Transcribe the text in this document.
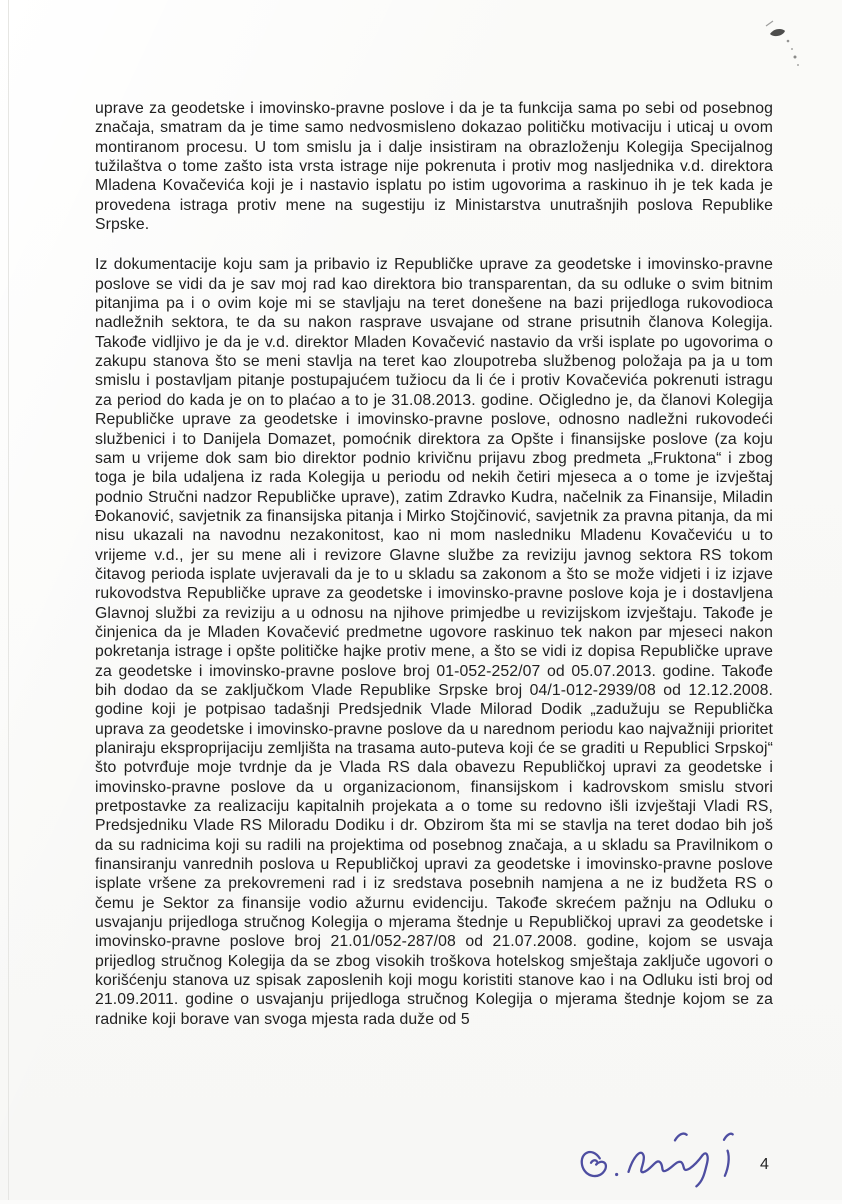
uprave za geodetske i imovinsko-pravne poslove i da je ta funkcija sama po sebi od posebnog značaja, smatram da je time samo nedvosmisleno dokazao političku motivaciju i uticaj u ovom montiranom procesu. U tom smislu ja i dalje insistiram na obrazloženju Kolegija Specijalnog tužilaštva o tome zašto ista vrsta istrage nije pokrenuta i protiv mog nasljednika v.d. direktora Mladena Kovačevića koji je i nastavio isplatu po istim ugovorima a raskinuo ih je tek kada je provedena istraga protiv mene na sugestiju iz Ministarstva unutrašnjih poslova Republike Srpske.

Iz dokumentacije koju sam ja pribavio iz Republičke uprave za geodetske i imovinsko-pravne poslove se vidi da je sav moj rad kao direktora bio transparentan, da su odluke o svim bitnim pitanjima pa i o ovim koje mi se stavljaju na teret donešene na bazi prijedloga rukovodioca nadležnih sektora, te da su nakon rasprave usvajane od strane prisutnih članova Kolegija. Takođe vidljivo je da je v.d. direktor Mladen Kovačević nastavio da vrši isplate po ugovorima o zakupu stanova što se meni stavlja na teret kao zloupotreba službenog položaja pa ja u tom smislu i postavljam pitanje postupajućem tužiocu da li će i protiv Kovačevića pokrenuti istragu za period do kada je on to plaćao a to je 31.08.2013. godine. Očigledno je, da članovi Kolegija Republičke uprave za geodetske i imovinsko-pravne poslove, odnosno nadležni rukovodeći službenici i to Danijela Domazet, pomoćnik direktora za Opšte i finansijske poslove (za koju sam u vrijeme dok sam bio direktor podnio krivičnu prijavu zbog predmeta „Fruktona“ i zbog toga je bila udaljena iz rada Kolegija u periodu od nekih četiri mjeseca a o tome je izvještaj podnio Stručni nadzor Republičke uprave), zatim Zdravko Kudra, načelnik za Finansije, Miladin Đokanović, savjetnik za finansijska pitanja i Mirko Stojčinović, savjetnik za pravna pitanja, da mi nisu ukazali na navodnu nezakonitost, kao ni mom nasledniku Mladenu Kovačeviću u to vrijeme v.d., jer su mene ali i revizore Glavne službe za reviziju javnog sektora RS tokom čitavog perioda isplate uvjeravali da je to u skladu sa zakonom a što se može vidjeti i iz izjave rukovodstva Republičke uprave za geodetske i imovinsko-pravne poslove koja je i dostavljena Glavnoj službi za reviziju a u odnosu na njihove primjedbe u revizijskom izvještaju. Takođe je činjenica da je Mladen Kovačević predmetne ugovore raskinuo tek nakon par mjeseci nakon pokretanja istrage i opšte političke hajke protiv mene, a što se vidi iz dopisa Republičke uprave za geodetske i imovinsko-pravne poslove broj 01-052-252/07 od 05.07.2013. godine. Takođe bih dodao da se zaključkom Vlade Republike Srpske broj 04/1-012-2939/08 od 12.12.2008. godine koji je potpisao tadašnji Predsjednik Vlade Milorad Dodik „zadužuju se Republička uprava za geodetske i imovinsko-pravne poslove da u narednom periodu kao najvažniji prioritet planiraju eksproprijaciju zemljišta na trasama auto-puteva koji će se graditi u Republici Srpskoj“ što potvrđuje moje tvrdnje da je Vlada RS dala obavezu Republičkoj upravi za geodetske i imovinsko-pravne poslove da u organizacionom, finansijskom i kadrovskom smislu stvori pretpostavke za realizaciju kapitalnih projekata a o tome su redovno išli izvještaji Vladi RS, Predsjedniku Vlade RS Miloradu Dodiku i dr. Obzirom šta mi se stavlja na teret dodao bih još da su radnicima koji su radili na projektima od posebnog značaja, a u skladu sa Pravilnikom o finansiranju vanrednih poslova u Republičkoj upravi za geodetske i imovinsko-pravne poslove isplate vršene za prekovremeni rad i iz sredstava posebnih namjena a ne iz budžeta RS o čemu je Sektor za finansije vodio ažurnu evidenciju. Takođe skrećem pažnju na Odluku o usvajanju prijedloga stručnog Kolegija o mjerama štednje u Republičkoj upravi za geodetske i imovinsko-pravne poslove broj 21.01/052-287/08 od 21.07.2008. godine, kojom se usvaja prijedlog stručnog Kolegija da se zbog visokih troškova hotelskog smještaja zaključe ugovori o korišćenju stanova uz spisak zaposlenih koji mogu koristiti stanove kao i na Odluku isti broj od 21.09.2011. godine o usvajanju prijedloga stručnog Kolegija o mjerama štednje kojom se za radnike koji borave van svoga mjesta rada duže od 5

4
